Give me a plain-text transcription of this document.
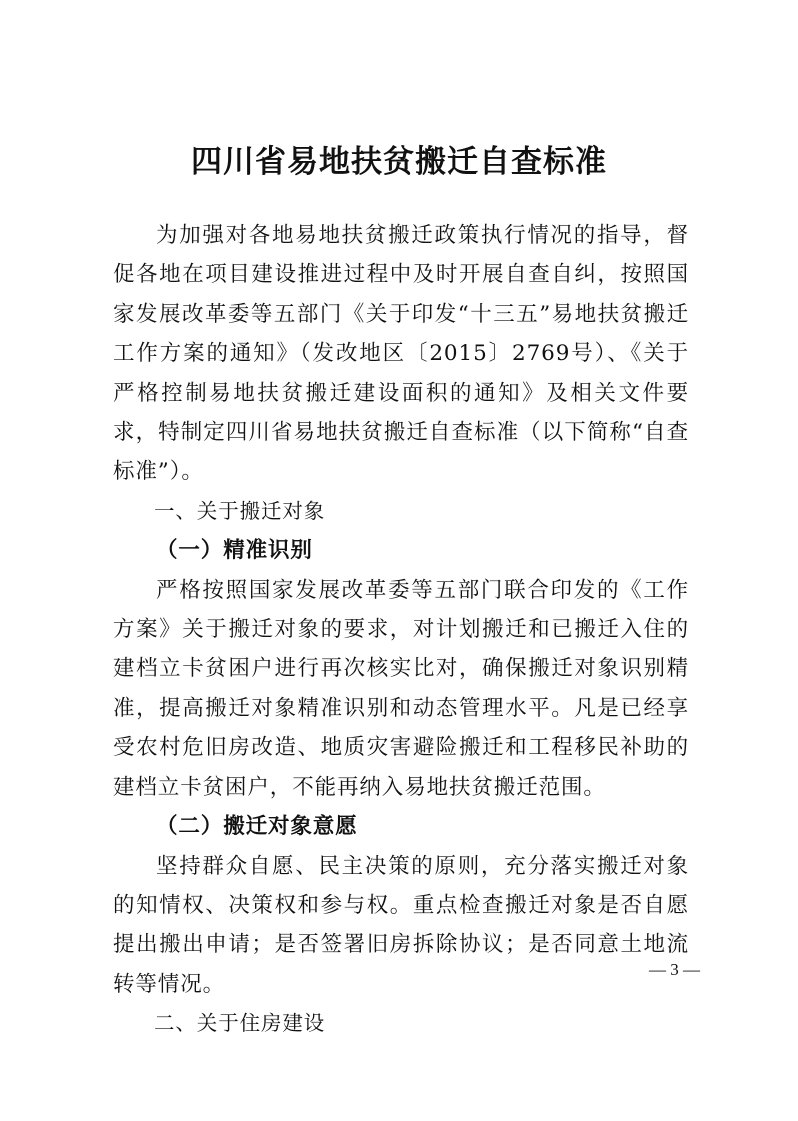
四川省易地扶贫搬迁自查标准

为加强对各地易地扶贫搬迁政策执行情况的指导，督促各地在项目建设推进过程中及时开展自查自纠，按照国家发展改革委等五部门《关于印发“十三五”易地扶贫搬迁工作方案的通知》（发改地区〔2015〕2769号）、《关于严格控制易地扶贫搬迁建设面积的通知》及相关文件要求，特制定四川省易地扶贫搬迁自查标准（以下简称“自查标准”）。

一、关于搬迁对象

（一）精准识别

严格按照国家发展改革委等五部门联合印发的《工作方案》关于搬迁对象的要求，对计划搬迁和已搬迁入住的建档立卡贫困户进行再次核实比对，确保搬迁对象识别精准，提高搬迁对象精准识别和动态管理水平。凡是已经享受农村危旧房改造、地质灾害避险搬迁和工程移民补助的建档立卡贫困户，不能再纳入易地扶贫搬迁范围。

（二）搬迁对象意愿

坚持群众自愿、民主决策的原则，充分落实搬迁对象的知情权、决策权和参与权。重点检查搬迁对象是否自愿提出搬出申请；是否签署旧房拆除协议；是否同意土地流转等情况。

二、关于住房建设

— 3 —
